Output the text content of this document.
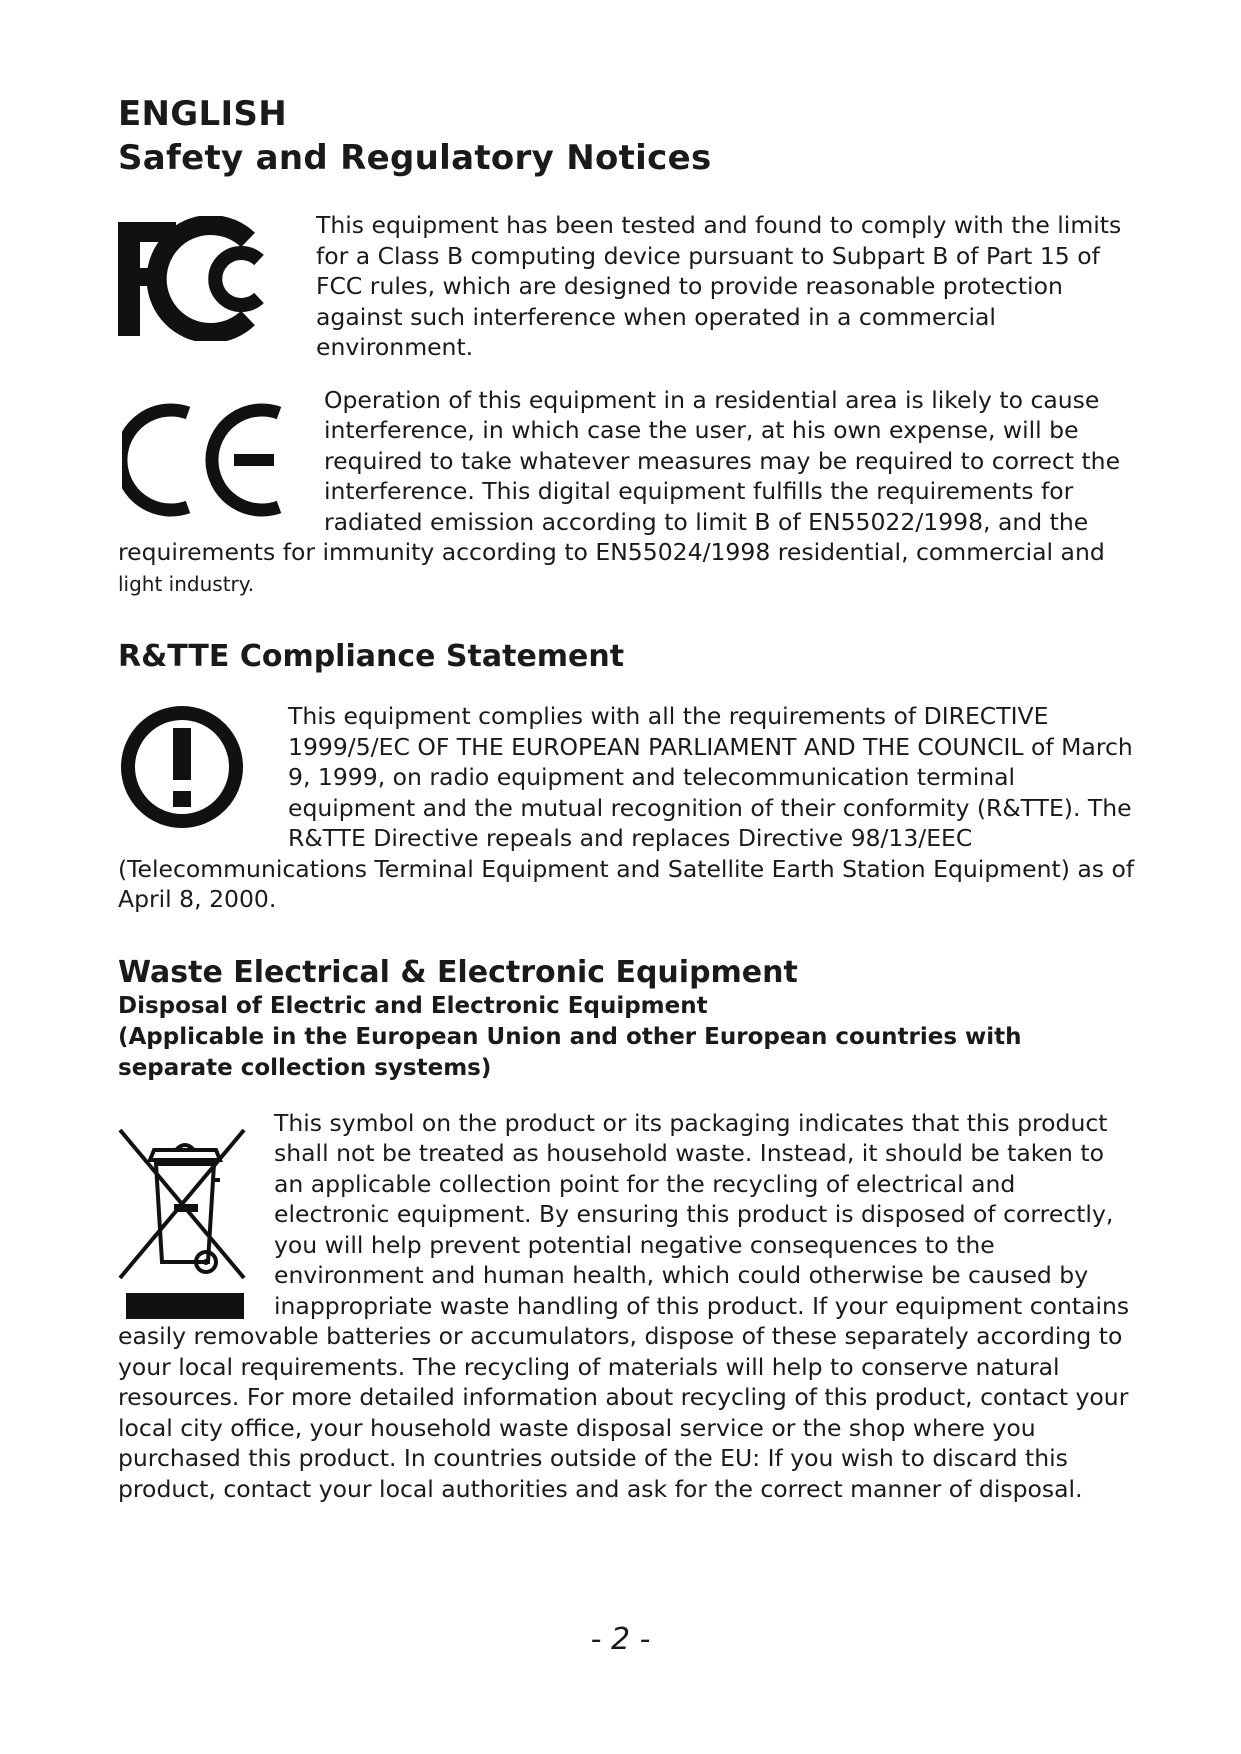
ENGLISH
Safety and Regulatory Notices
FC	This equipment has been tested and found to comply with the limits for a Class B computing device pursuant to Subpart B of Part 15 of FCC rules, which are designed to provide reasonable protection against such interference when operated in a commercial environment.

CE	Operation of this equipment in a residential area is likely to cause interference, in which case the user, at his own expense, will be required to take whatever measures may be required to correct the interference. This digital equipment fulfills the requirements for radiated emission according to limit B of EN55022/1998, and the requirements for immunity according to EN55024/1998 residential, commercial and light industry.

R&TTE Compliance Statement

This equipment complies with all the requirements of DIRECTIVE 1999/5/EC OF THE EUROPEAN PARLIAMENT AND THE COUNCIL of March 9, 1999, on radio equipment and telecommunication terminal equipment and the mutual recognition of their conformity (R&TTE). The R&TTE Directive repeals and replaces Directive 98/13/EEC (Telecommunications Terminal Equipment and Satellite Earth Station Equipment) as of April 8, 2000.

Waste Electrical & Electronic Equipment

Disposal of Electric and Electronic Equipment

(Applicable in the European Union and other European countries with separate collection systems)

This symbol on the product or its packaging indicates that this product shall not be treated as household waste. Instead, it should be taken to an applicable collection point for the recycling of electrical and electronic equipment. By ensuring this product is disposed of correctly, you will help prevent potential negative consequences to the environment and human health, which could otherwise be caused by inappropriate waste handling of this product. If your equipment contains easily removable batteries or accumulators, dispose of these separately according to your local requirements. The recycling of materials will help to conserve natural resources. For more detailed information about recycling of this product, contact your local city office, your household waste disposal service or the shop where you purchased this product. In countries outside of the EU: If you wish to discard this product, contact your local authorities and ask for the correct manner of disposal.

- 2 -
